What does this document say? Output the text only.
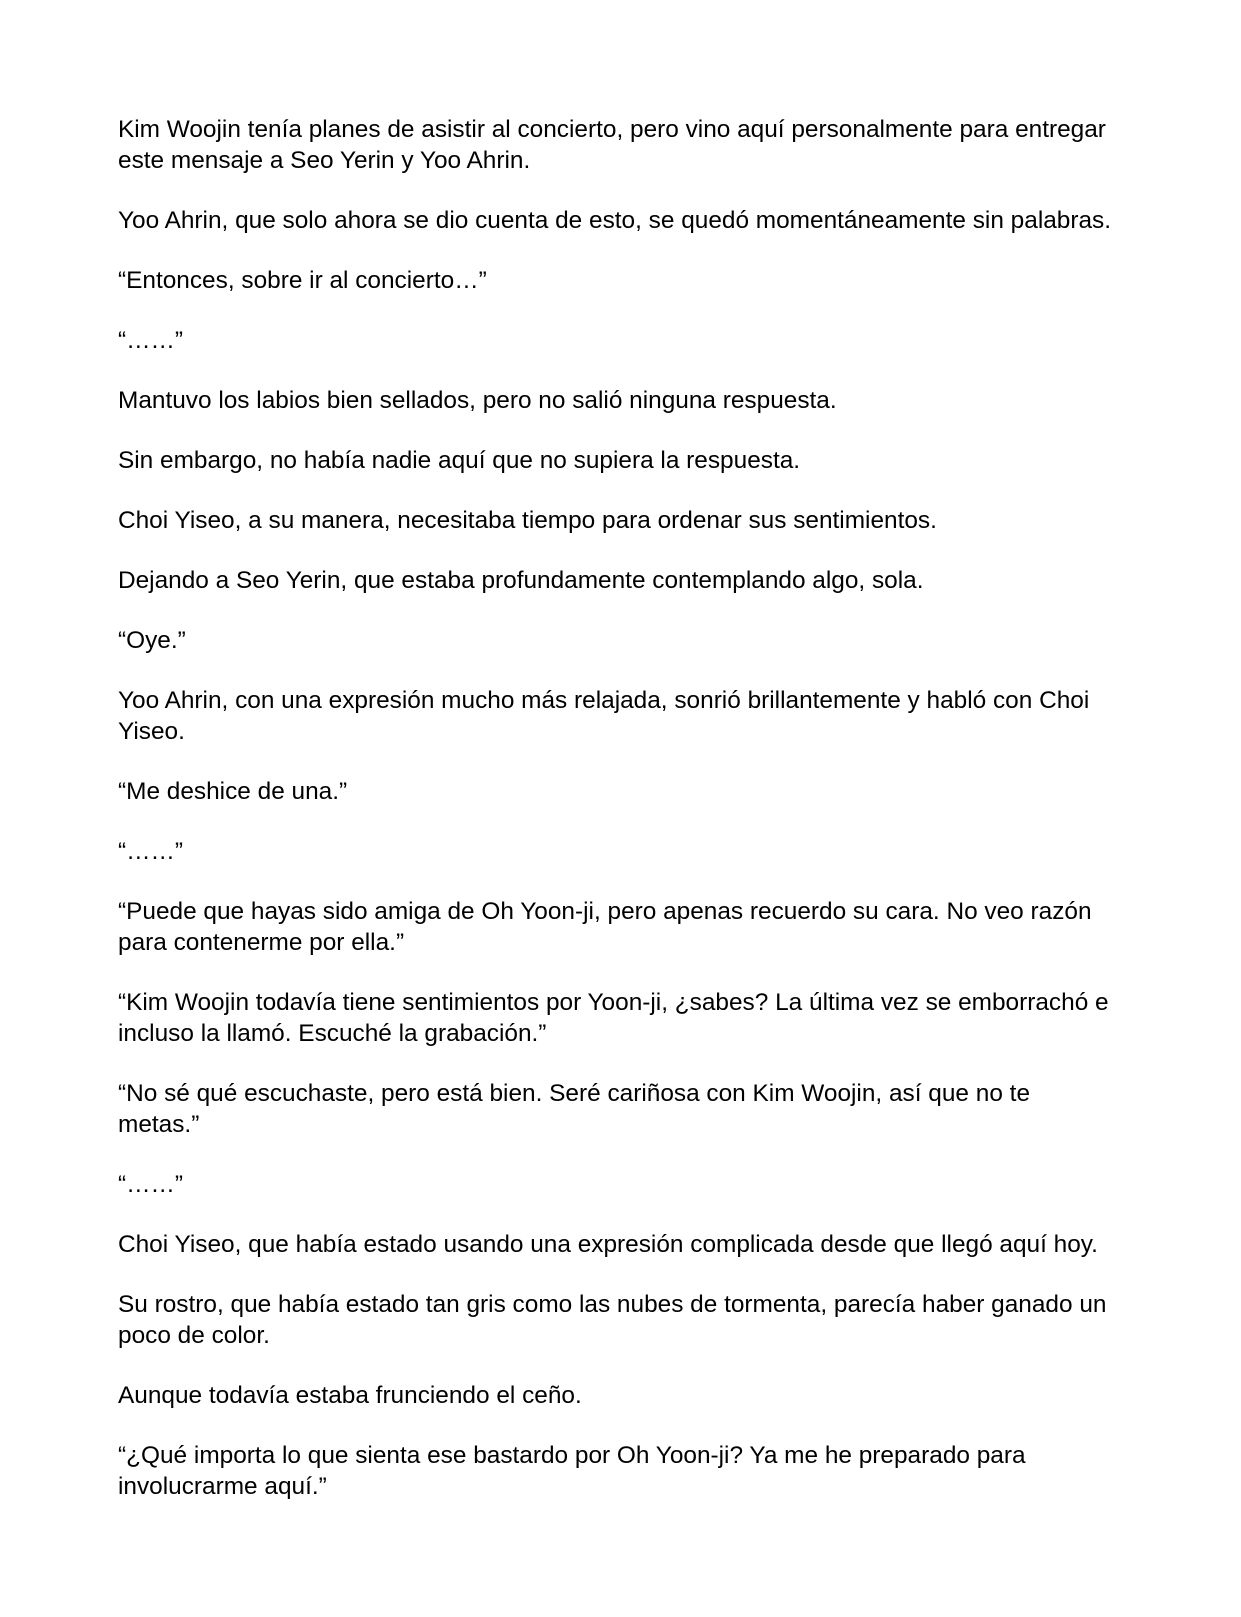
Kim Woojin tenía planes de asistir al concierto, pero vino aquí personalmente para entregar este mensaje a Seo Yerin y Yoo Ahrin.

Yoo Ahrin, que solo ahora se dio cuenta de esto, se quedó momentáneamente sin palabras.

“Entonces, sobre ir al concierto…”

“……”

Mantuvo los labios bien sellados, pero no salió ninguna respuesta.

Sin embargo, no había nadie aquí que no supiera la respuesta.

Choi Yiseo, a su manera, necesitaba tiempo para ordenar sus sentimientos.

Dejando a Seo Yerin, que estaba profundamente contemplando algo, sola.

“Oye.”

Yoo Ahrin, con una expresión mucho más relajada, sonrió brillantemente y habló con Choi Yiseo.

“Me deshice de una.”

“……”

“Puede que hayas sido amiga de Oh Yoon-ji, pero apenas recuerdo su cara. No veo razón para contenerme por ella.”

“Kim Woojin todavía tiene sentimientos por Yoon-ji, ¿sabes? La última vez se emborrachó e incluso la llamó. Escuché la grabación.”

“No sé qué escuchaste, pero está bien. Seré cariñosa con Kim Woojin, así que no te metas.”

“……”

Choi Yiseo, que había estado usando una expresión complicada desde que llegó aquí hoy.

Su rostro, que había estado tan gris como las nubes de tormenta, parecía haber ganado un poco de color.

Aunque todavía estaba frunciendo el ceño.

“¿Qué importa lo que sienta ese bastardo por Oh Yoon-ji? Ya me he preparado para involucrarme aquí.”
